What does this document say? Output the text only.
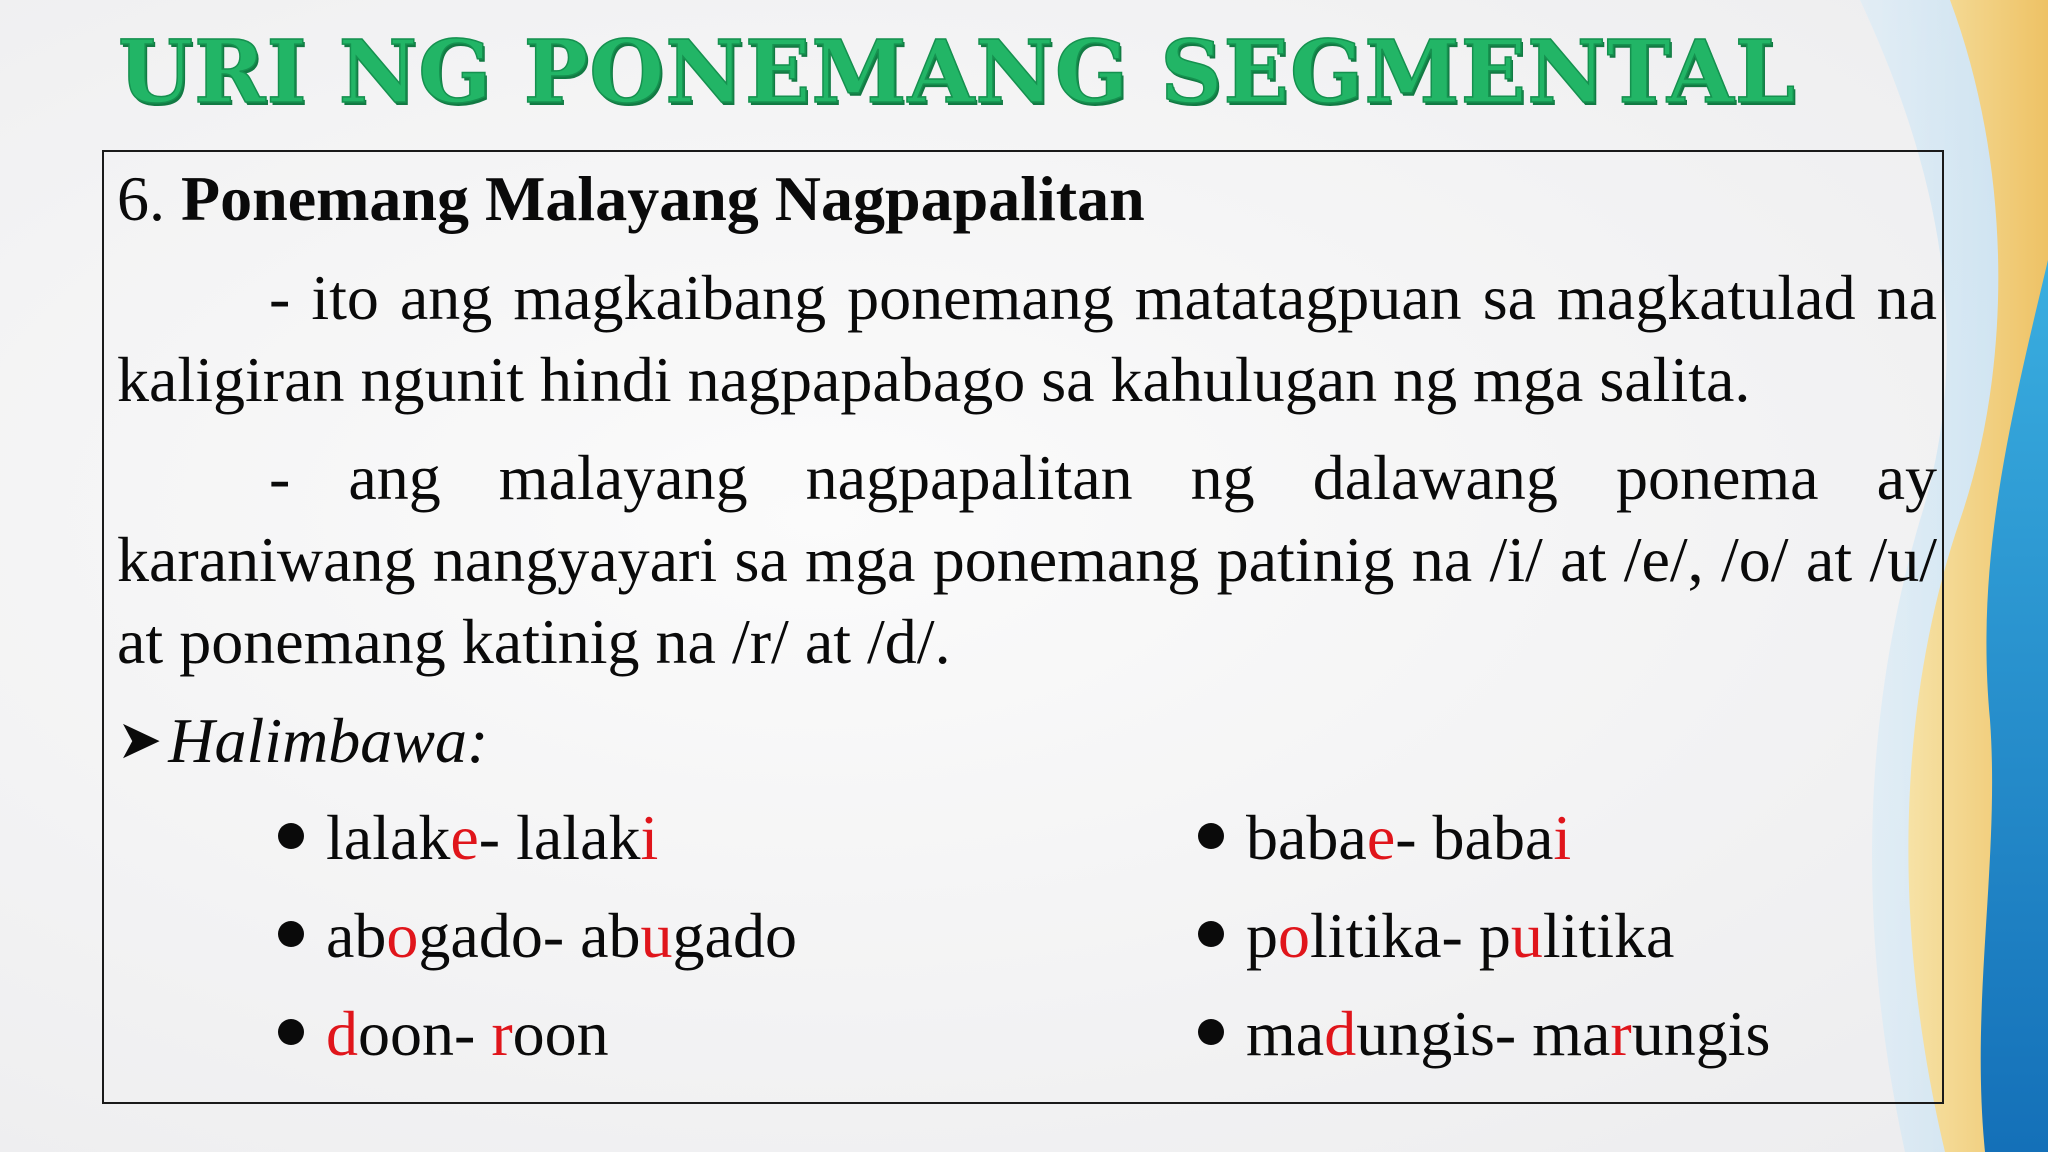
URI NG PONEMANG SEGMENTAL
6. Ponemang Malayang Nagpapalitan
- ito ang magkaibang ponemang matatagpuan sa magkatulad na kaligiran ngunit hindi nagpapabago sa kahulugan ng mga salita.
- ang malayang nagpapalitan ng dalawang ponema ay karaniwang nangyayari sa mga ponemang patinig na /i/ at /e/, /o/ at /u/ at ponemang katinig na /r/ at /d/.
➤Halimbawa:
lalake- lalaki	babae- babai
abogado- abugado	politika- pulitika
doon- roon	madungis- marungis
